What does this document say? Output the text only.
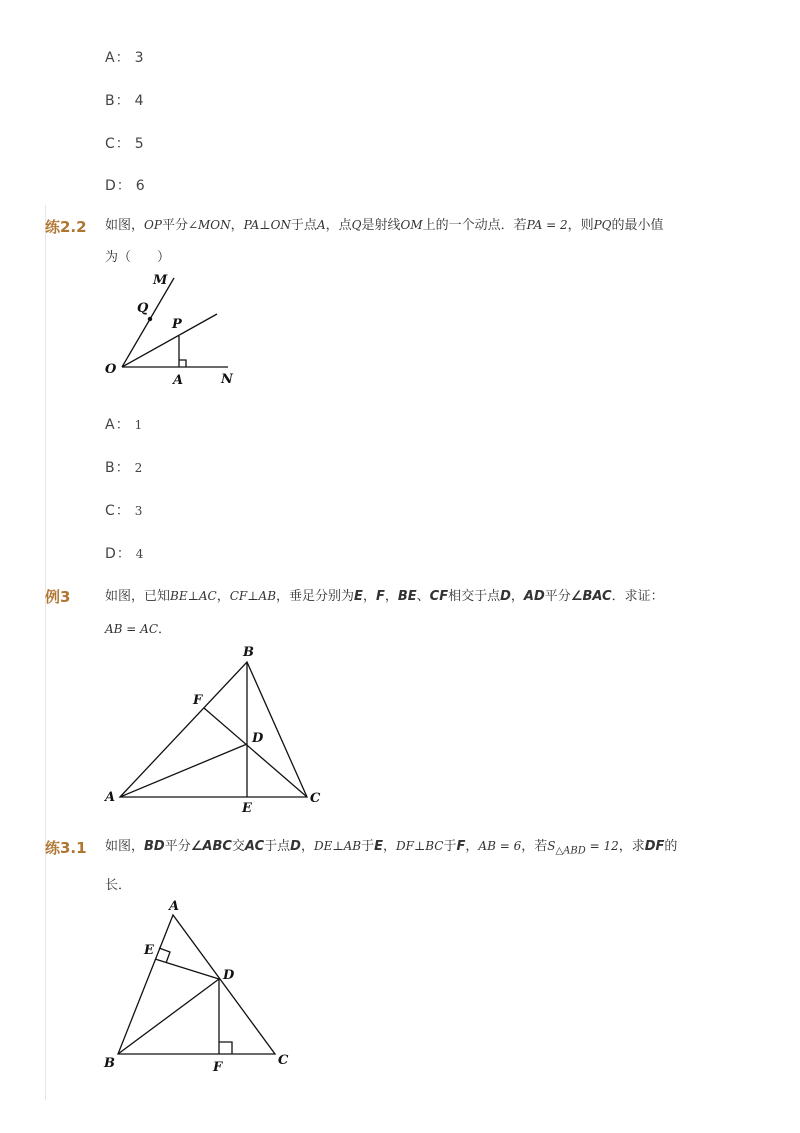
A： 3
B： 4
C： 5
D： 6
练2.2 如图，OP平分∠MON，PA⊥ON于点A，点Q是射线OM上的一个动点．若PA = 2，则PQ的最小值
为（　　）
M
Q
P
O
A	N
A： 1
B： 2
C： 3
D： 4
例3	如图，已知BE⊥AC，CF⊥AB，垂足分别为E，F，BE、CF相交于点D，AD平分∠BAC．求证：
AB = AC．
B
F
D
A
E
C
练3.1 如图，BD平分∠ABC交AC于点D，DE⊥AB于E，DF⊥BC于F，AB = 6，若$S_{\triangle ABD} = 12$，求DF的
长．
A
E
D
B	F	C
